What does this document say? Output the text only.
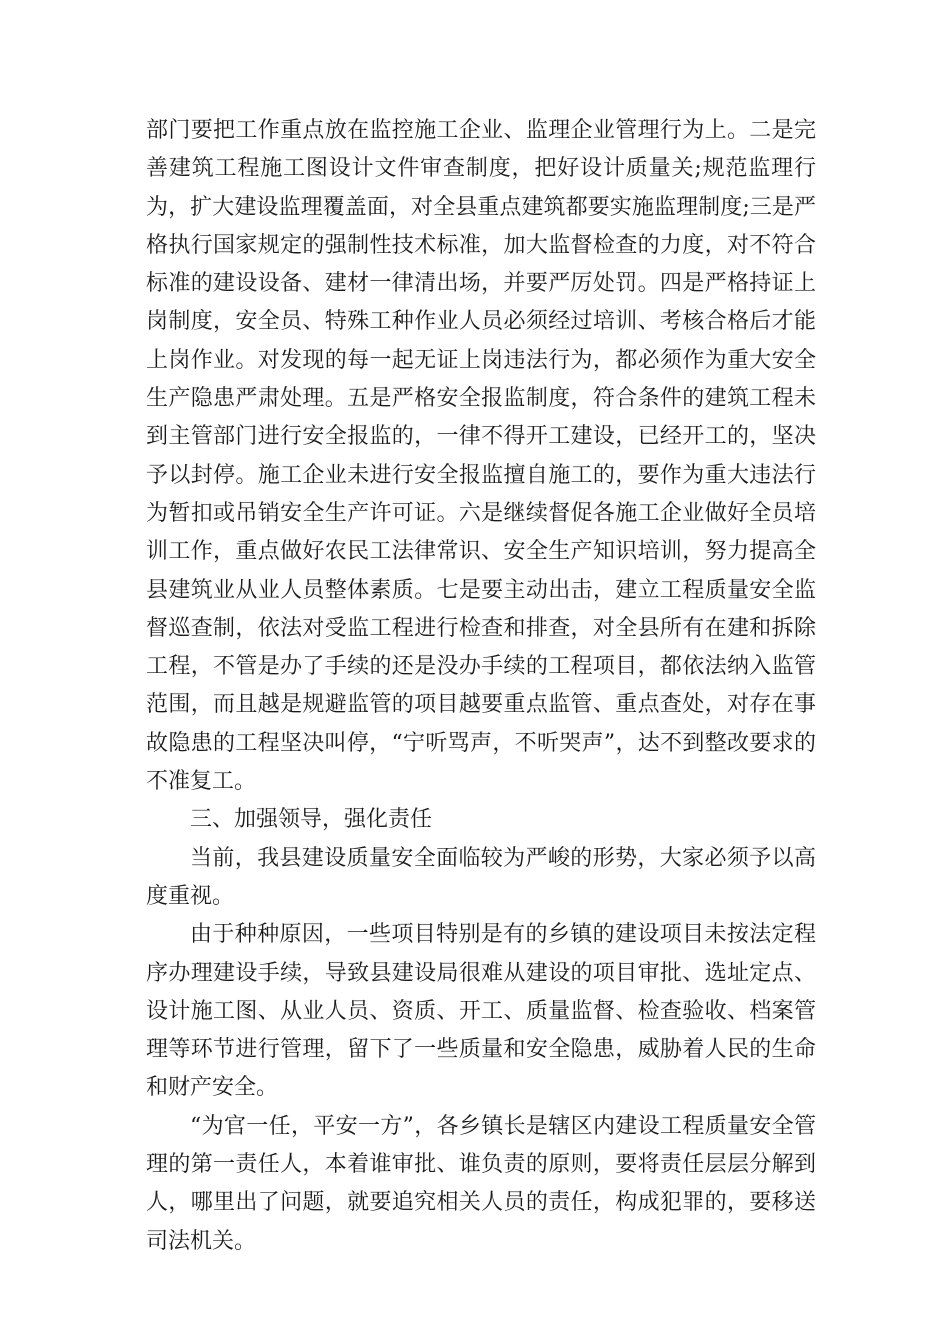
部门要把工作重点放在监控施工企业、监理企业管理行为上。二是完善建筑工程施工图设计文件审查制度，把好设计质量关;规范监理行为，扩大建设监理覆盖面，对全县重点建筑都要实施监理制度;三是严格执行国家规定的强制性技术标准，加大监督检查的力度，对不符合标准的建设设备、建材一律清出场，并要严厉处罚。四是严格持证上岗制度，安全员、特殊工种作业人员必须经过培训、考核合格后才能上岗作业。对发现的每一起无证上岗违法行为，都必须作为重大安全生产隐患严肃处理。五是严格安全报监制度，符合条件的建筑工程未到主管部门进行安全报监的，一律不得开工建设，已经开工的，坚决予以封停。施工企业未进行安全报监擅自施工的，要作为重大违法行为暂扣或吊销安全生产许可证。六是继续督促各施工企业做好全员培训工作，重点做好农民工法律常识、安全生产知识培训，努力提高全县建筑业从业人员整体素质。七是要主动出击，建立工程质量安全监督巡查制，依法对受监工程进行检查和排查，对全县所有在建和拆除工程，不管是办了手续的还是没办手续的工程项目，都依法纳入监管范围，而且越是规避监管的项目越要重点监管、重点查处，对存在事故隐患的工程坚决叫停，“宁听骂声，不听哭声”，达不到整改要求的不准复工。

三、加强领导，强化责任

当前，我县建设质量安全面临较为严峻的形势，大家必须予以高度重视。

由于种种原因，一些项目特别是有的乡镇的建设项目未按法定程序办理建设手续，导致县建设局很难从建设的项目审批、选址定点、设计施工图、从业人员、资质、开工、质量监督、检查验收、档案管理等环节进行管理，留下了一些质量和安全隐患，威胁着人民的生命和财产安全。

“为官一任，平安一方”，各乡镇长是辖区内建设工程质量安全管理的第一责任人，本着谁审批、谁负责的原则，要将责任层层分解到人，哪里出了问题，就要追究相关人员的责任，构成犯罪的，要移送司法机关。
